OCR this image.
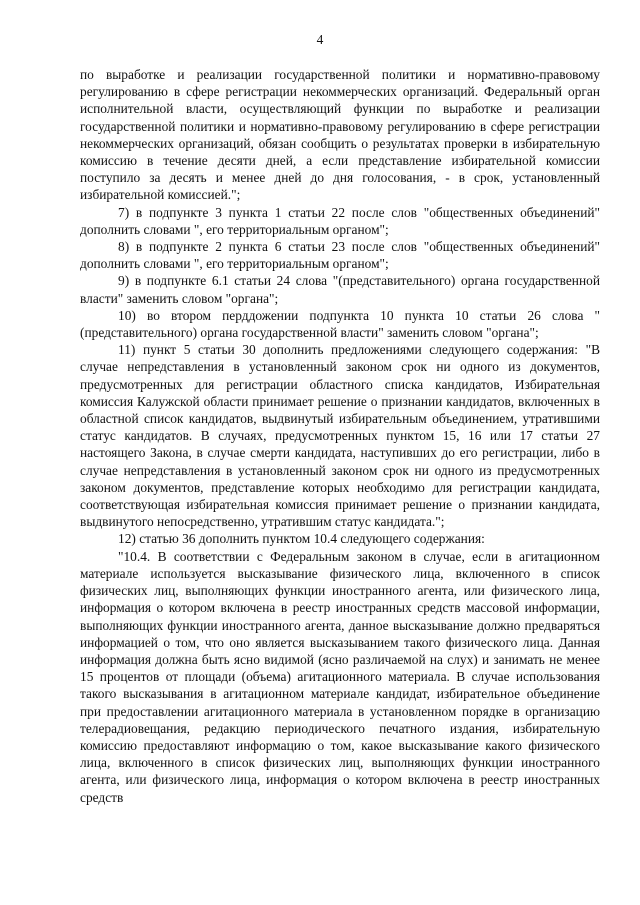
4

по выработке и реализации государственной политики и нормативно-правовому регулированию в сфере регистрации некоммерческих организаций. Федеральный орган исполнительной власти, осуществляющий функции по выработке и реализации государственной политики и нормативно-правовому регулированию в сфере регистрации некоммерческих организаций, обязан сообщить о результатах проверки в избирательную комиссию в течение десяти дней, а если представление избирательной комиссии поступило за десять и менее дней до дня голосования, - в срок, установленный избирательной комиссией.";

7) в подпункте 3 пункта 1 статьи 22 после слов "общественных объединений" дополнить словами ", его территориальным органом";

8) в подпункте 2 пункта 6 статьи 23 после слов "общественных объединений" дополнить словами ", его территориальным органом";

9) в подпункте 6.1 статьи 24 слова "(представительного) органа государственной власти" заменить словом "органа";

10) во втором перддожении подпункта 10 пункта 10 статьи 26 слова "(представительного) органа государственной власти" заменить словом "органа";

11) пункт 5 статьи 30 дополнить предложениями следующего содержания: "В случае непредставления в установленный законом срок ни одного из документов, предусмотренных для регистрации областного списка кандидатов, Избирательная комиссия Калужской области принимает решение о признании кандидатов, включенных в областной список кандидатов, выдвинутый избирательным объединением, утратившими статус кандидатов. В случаях, предусмотренных пунктом 15, 16 или 17 статьи 27 настоящего Закона, в случае смерти кандидата, наступивших до его регистрации, либо в случае непредставления в установленный законом срок ни одного из предусмотренных законом документов, представление которых необходимо для регистрации кандидата, соответствующая избирательная комиссия принимает решение о признании кандидата, выдвинутого непосредственно, утратившим статус кандидата.";

12) статью 36 дополнить пунктом 10.4 следующего содержания:

"10.4. В соответствии с Федеральным законом в случае, если в агитационном материале используется высказывание физического лица, включенного в список физических лиц, выполняющих функции иностранного агента, или физического лица, информация о котором включена в реестр иностранных средств массовой информации, выполняющих функции иностранного агента, данное высказывание должно предваряться информацией о том, что оно является высказыванием такого физического лица. Данная информация должна быть ясно видимой (ясно различаемой на слух) и занимать не менее 15 процентов от площади (объема) агитационного материала. В случае использования такого высказывания в агитационном материале кандидат, избирательное объединение при предоставлении агитационного материала в установленном порядке в организацию телерадиовещания, редакцию периодического печатного издания, избирательную комиссию предоставляют информацию о том, какое высказывание какого физического лица, включенного в список физических лиц, выполняющих функции иностранного агента, или физического лица, информация о котором включена в реестр иностранных средств
